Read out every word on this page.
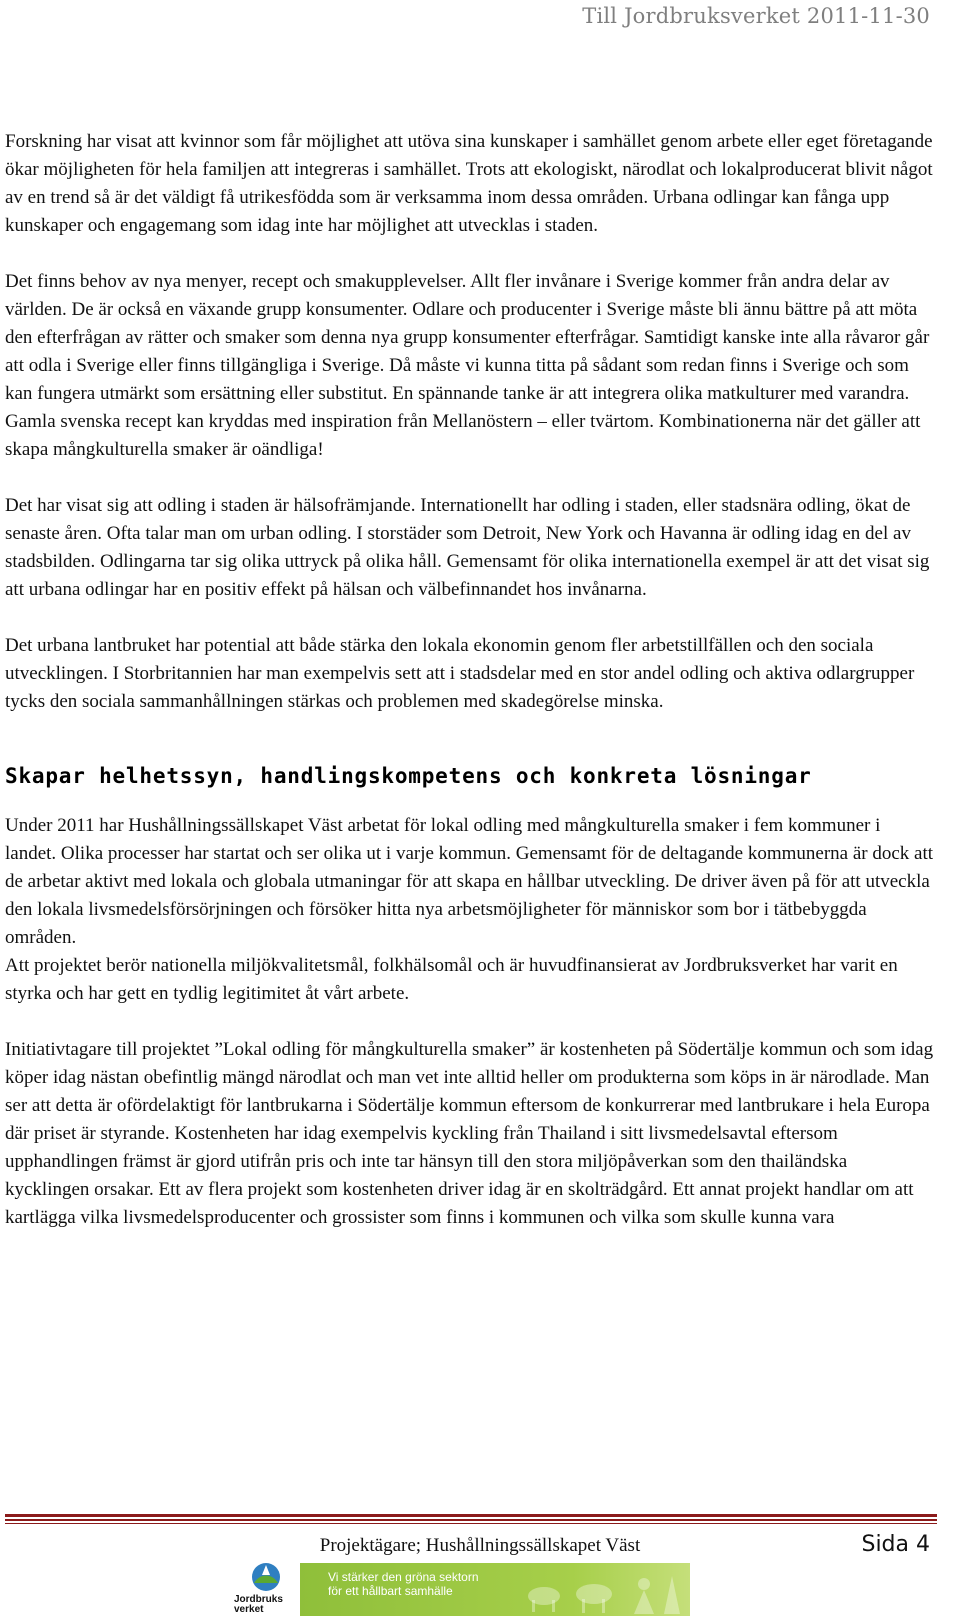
Till Jordbruksverket 2011-11-30

Forskning har visat att kvinnor som får möjlighet att utöva sina kunskaper i samhället genom arbete eller eget företagande ökar möjligheten för hela familjen att integreras i samhället. Trots att ekologiskt, närodlat och lokalproducerat blivit något av en trend så är det väldigt få utrikesfödda som är verksamma inom dessa områden. Urbana odlingar kan fånga upp kunskaper och engagemang som idag inte har möjlighet att utvecklas i staden.

Det finns behov av nya menyer, recept och smakupplevelser. Allt fler invånare i Sverige kommer från andra delar av världen. De är också en växande grupp konsumenter. Odlare och producenter i Sverige måste bli ännu bättre på att möta den efterfrågan av rätter och smaker som denna nya grupp konsumenter efterfrågar. Samtidigt kanske inte alla råvaror går att odla i Sverige eller finns tillgängliga i Sverige. Då måste vi kunna titta på sådant som redan finns i Sverige och som kan fungera utmärkt som ersättning eller substitut. En spännande tanke är att integrera olika matkulturer med varandra. Gamla svenska recept kan kryddas med inspiration från Mellanöstern – eller tvärtom. Kombinationerna när det gäller att skapa mångkulturella smaker är oändliga!

Det har visat sig att odling i staden är hälsofrämjande. Internationellt har odling i staden, eller stadsnära odling, ökat de senaste åren. Ofta talar man om urban odling. I storstäder som Detroit, New York och Havanna är odling idag en del av stadsbilden. Odlingarna tar sig olika uttryck på olika håll. Gemensamt för olika internationella exempel är att det visat sig att urbana odlingar har en positiv effekt på hälsan och välbefinnandet hos invånarna.

Det urbana lantbruket har potential att både stärka den lokala ekonomin genom fler arbetstillfällen och den sociala utvecklingen. I Storbritannien har man exempelvis sett att i stadsdelar med en stor andel odling och aktiva odlargrupper tycks den sociala sammanhållningen stärkas och problemen med skadegörelse minska.

Skapar helhetssyn, handlingskompetens och konkreta lösningar

Under 2011 har Hushållningssällskapet Väst arbetat för lokal odling med mångkulturella smaker i fem kommuner i landet. Olika processer har startat och ser olika ut i varje kommun. Gemensamt för de deltagande kommunerna är dock att de arbetar aktivt med lokala och globala utmaningar för att skapa en hållbar utveckling. De driver även på för att utveckla den lokala livsmedelsförsörjningen och försöker hitta nya arbetsmöjligheter för människor som bor i tätbebyggda områden.

Att projektet berör nationella miljökvalitetsmål, folkhälsomål och är huvudfinansierat av Jordbruksverket har varit en styrka och har gett en tydlig legitimitet åt vårt arbete.

Initiativtagare till projektet ”Lokal odling för mångkulturella smaker” är kostenheten på Södertälje kommun och som idag köper idag nästan obefintlig mängd närodlat och man vet inte alltid heller om produkterna som köps in är närodlade. Man ser att detta är ofördelaktigt för lantbrukarna i Södertälje kommun eftersom de konkurrerar med lantbrukare i hela Europa där priset är styrande. Kostenheten har idag exempelvis kyckling från Thailand i sitt livsmedelsavtal eftersom upphandlingen främst är gjord utifrån pris och inte tar hänsyn till den stora miljöpåverkan som den thailändska kycklingen orsakar. Ett av flera projekt som kostenheten driver idag är en skolträdgård. Ett annat projekt handlar om att kartlägga vilka livsmedelsproducenter och grossister som finns i kommunen och vilka som skulle kunna vara

Projektägare; Hushållningssällskapet Väst	Sida 4
Jordbruks
verket
Vi stärker den gröna sektorn
för ett hållbart samhälle
